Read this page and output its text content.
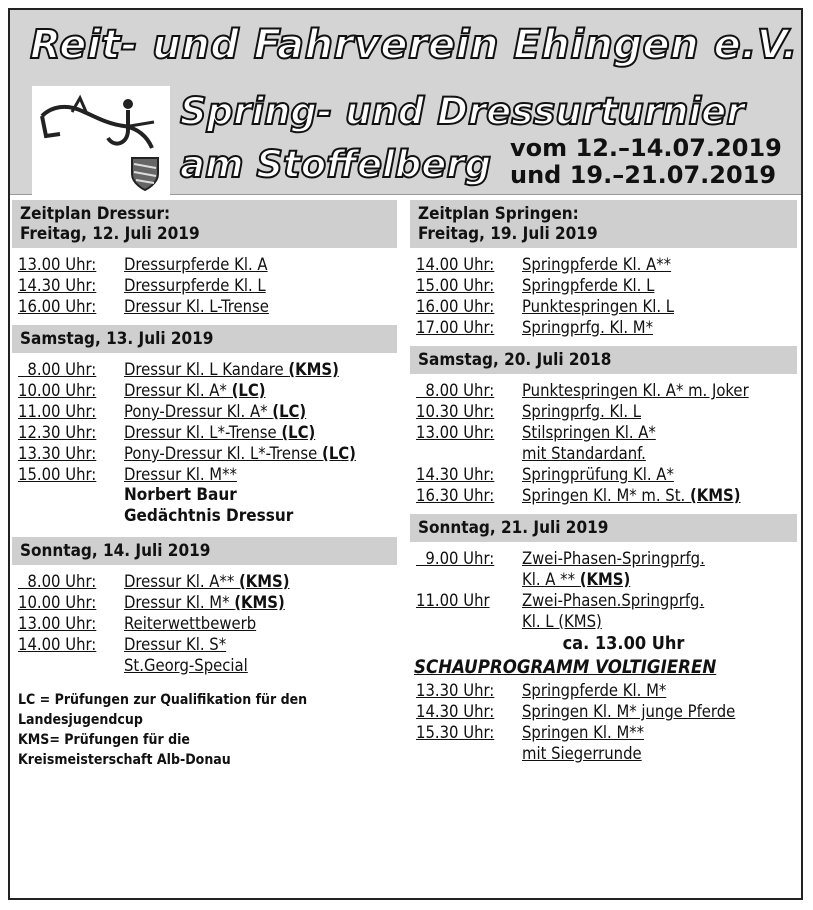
Reit- und Fahrverein Ehingen e.V.
Spring- und Dressurturnier
am Stoffelberg vom 12.–14.07.2019
und 19.–21.07.2019
Zeitplan Dressur:
Freitag, 12. Juli 2019
13.00 Uhr: Dressurpferde Kl. A
14.30 Uhr: Dressurpferde Kl. L
16.00 Uhr: Dressur Kl. L-Trense
Samstag, 13. Juli 2019
8.00 Uhr: Dressur Kl. L Kandare (KMS)
10.00 Uhr: Dressur Kl. A* (LC)
11.00 Uhr: Pony-Dressur Kl. A* (LC)
12.30 Uhr: Dressur Kl. L*-Trense (LC)
13.30 Uhr: Pony-Dressur Kl. L*-Trense (LC)
15.00 Uhr: Dressur Kl. M**
Norbert Baur
Gedächtnis Dressur
Sonntag, 14. Juli 2019
8.00 Uhr: Dressur Kl. A** (KMS)
10.00 Uhr: Dressur Kl. M* (KMS)
13.00 Uhr: Reiterwettbewerb
14.00 Uhr: Dressur Kl. S*
St.Georg-Special
LC = Prüfungen zur Qualifikation für den
Landesjugendcup
KMS= Prüfungen für die
Kreismeisterschaft Alb-Donau
Zeitplan Springen:
Freitag, 19. Juli 2019
14.00 Uhr: Springpferde Kl. A**
15.00 Uhr: Springpferde Kl. L
16.00 Uhr: Punktespringen Kl. L
17.00 Uhr: Springprfg. Kl. M*
Samstag, 20. Juli 2018
8.00 Uhr: Punktespringen Kl. A* m. Joker
10.30 Uhr: Springprfg. Kl. L
13.00 Uhr: Stilspringen Kl. A*
mit Standardanf.
14.30 Uhr: Springprüfung Kl. A*
16.30 Uhr: Springen Kl. M* m. St. (KMS)
Sonntag, 21. Juli 2019
9.00 Uhr: Zwei-Phasen-Springprfg.
Kl. A ** (KMS)
11.00 Uhr Zwei-Phasen.Springprfg.
Kl. L (KMS)
ca. 13.00 Uhr
SCHAUPROGRAMM VOLTIGIEREN
13.30 Uhr: Springpferde Kl. M*
14.30 Uhr: Springen Kl. M* junge Pferde
15.30 Uhr: Springen Kl. M**
mit Siegerrunde
